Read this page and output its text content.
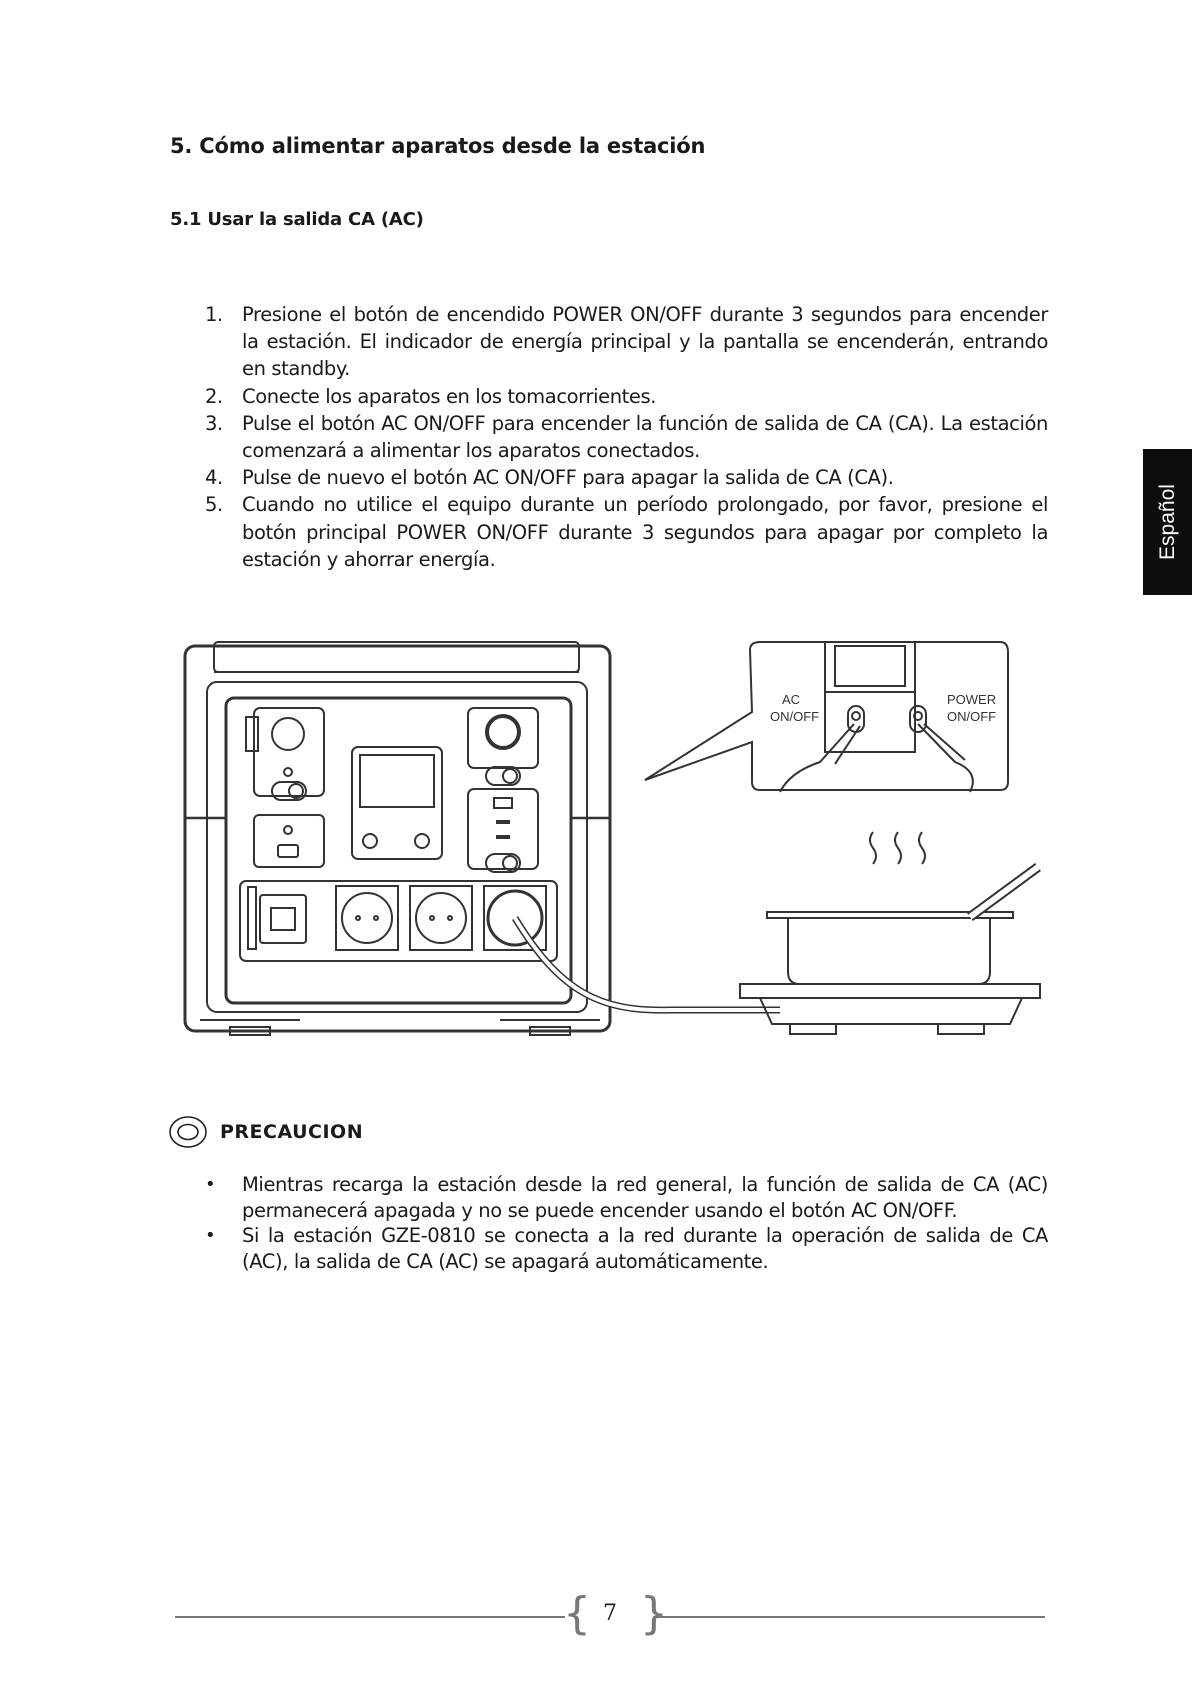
5. Cómo alimentar aparatos desde la estación
5.1 Usar la salida CA (AC)
1. Presione el botón de encendido POWER ON/OFF durante 3 segundos para encender la estación. El indicador de energía principal y la pantalla se encenderán, entrando en standby.
2. Conecte los aparatos en los tomacorrientes.
3. Pulse el botón AC ON/OFF para encender la función de salida de CA (CA). La estación comenzará a alimentar los aparatos conectados.
4. Pulse de nuevo el botón AC ON/OFF para apagar la salida de CA (CA).
5. Cuando no utilice el equipo durante un período prolongado, por favor, presione el botón principal POWER ON/OFF durante 3 segundos para apagar por completo la estación y ahorrar energía.	Español
AC
ON/OFF
POWER
ON/OFF
PRECAUCION
•	Mientras recarga la estación desde la red general, la función de salida de CA (AC) permanecerá apagada y no se puede encender usando el botón AC ON/OFF.
•	Si la estación GZE-0810 se conecta a la red durante la operación de salida de CA (AC), la salida de CA (AC) se apagará automáticamente.
{ }
7
